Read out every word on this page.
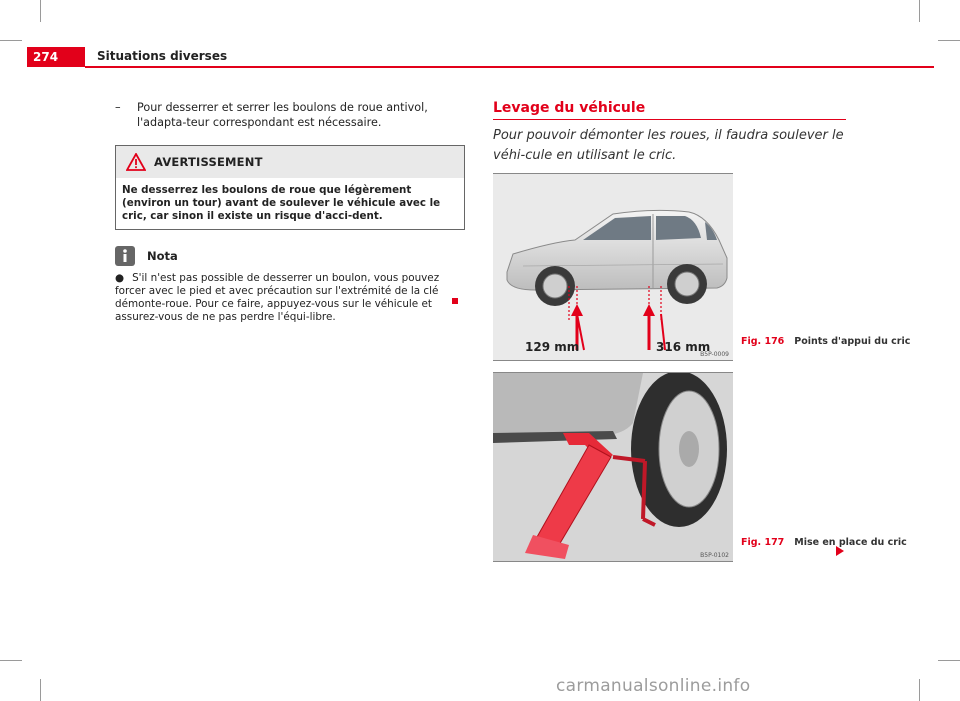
274	Situations diverses
– Pour desserrer et serrer les boulons de roue antivol, l'adapta-teur correspondant est nécessaire.
AVERTISSEMENT
Ne desserrez les boulons de roue que légèrement (environ un tour) avant de soulever le véhicule avec le cric, car sinon il existe un risque d'acci-dent.
Nota
● S'il n'est pas possible de desserrer un boulon, vous pouvez forcer avec le pied et avec précaution sur l'extrémité de la clé démonte-roue. Pour ce faire, appuyez-vous sur le véhicule et assurez-vous de ne pas perdre l'équi-libre.
Levage du véhicule
Pour pouvoir démonter les roues, il faudra soulever le véhi-cule en utilisant le cric.
129 mm	316 mm
B5P-0009
Fig. 176 Points d'appui du cric
B5P-0102
Fig. 177 Mise en place du cric
carmanualsonline.info
